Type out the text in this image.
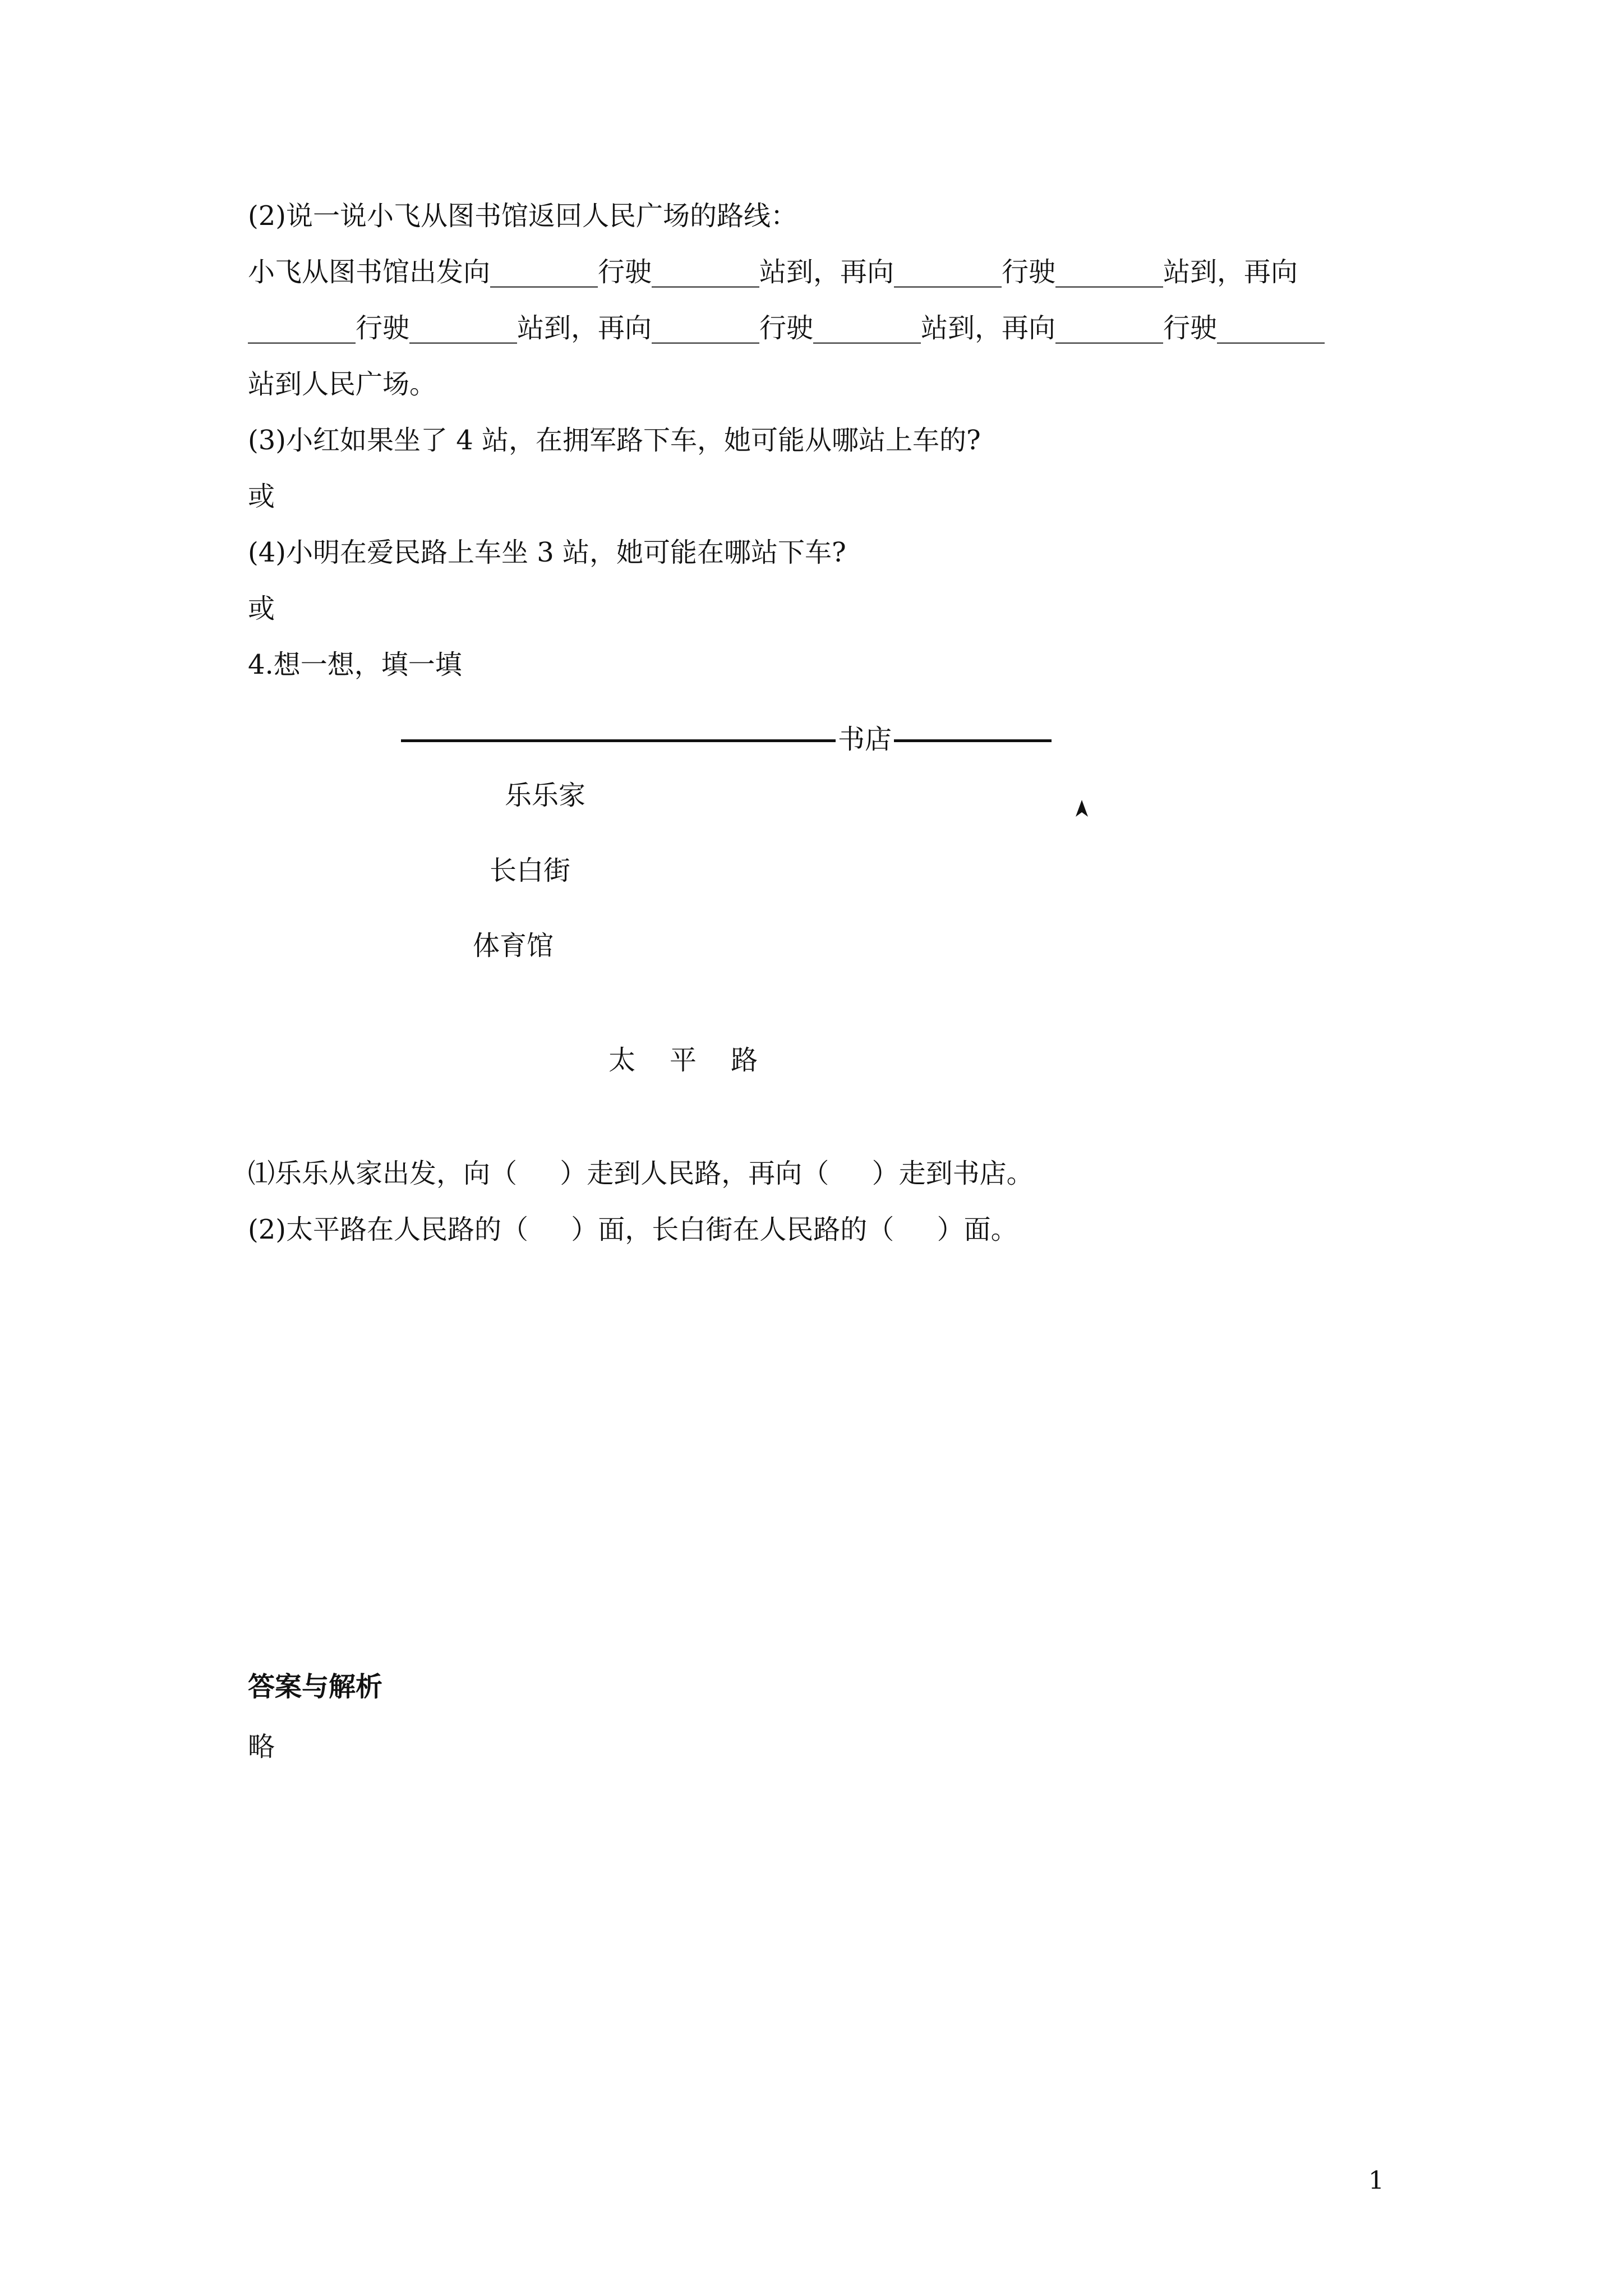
(2)说一说小飞从图书馆返回人民广场的路线：
小飞从图书馆出发向________行驶________站到，再向________行驶________站到，再向
________行驶________站到，再向________行驶________站到，再向________行驶________
站到人民广场。
(3)小红如果坐了 4 站，在拥军路下车，她可能从哪站上车的?
或
(4)小明在爱民路上车坐 3 站，她可能在哪站下车?
或
4.想一想，填一填
书店
乐乐家
长白街
体育馆
太    平    路
⑴乐乐从家出发，向（     ）走到人民路，再向（     ）走到书店。
(2)太平路在人民路的（     ）面，长白街在人民路的（     ）面。
答案与解析
略
1
